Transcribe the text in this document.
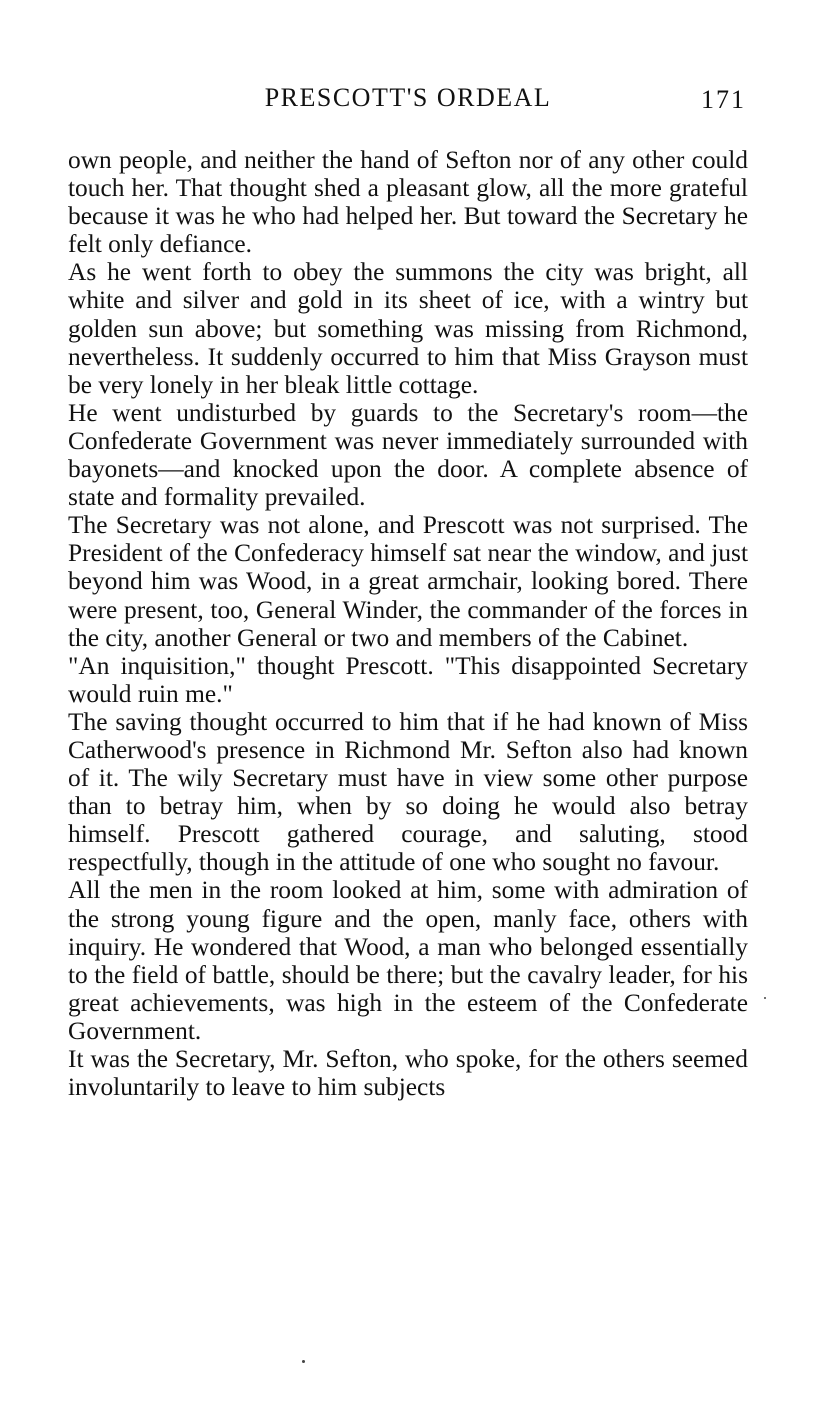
PRESCOTT'S ORDEAL	171

own people, and neither the hand of Sefton nor of any other could touch her. That thought shed a pleasant glow, all the more grateful because it was he who had helped her. But toward the Secretary he felt only defiance.

As he went forth to obey the summons the city was bright, all white and silver and gold in its sheet of ice, with a wintry but golden sun above; but something was missing from Richmond, nevertheless. It suddenly occurred to him that Miss Grayson must be very lonely in her bleak little cottage.

He went undisturbed by guards to the Secretary's room—the Confederate Government was never immediately surrounded with bayonets—and knocked upon the door. A complete absence of state and formality prevailed.

The Secretary was not alone, and Prescott was not surprised. The President of the Confederacy himself sat near the window, and just beyond him was Wood, in a great armchair, looking bored. There were present, too, General Winder, the commander of the forces in the city, another General or two and members of the Cabinet.

"An inquisition," thought Prescott. "This disappointed Secretary would ruin me."

The saving thought occurred to him that if he had known of Miss Catherwood's presence in Richmond Mr. Sefton also had known of it. The wily Secretary must have in view some other purpose than to betray him, when by so doing he would also betray himself. Prescott gathered courage, and saluting, stood respectfully, though in the attitude of one who sought no favour.

All the men in the room looked at him, some with admiration of the strong young figure and the open, manly face, others with inquiry. He wondered that Wood, a man who belonged essentially to the field of battle, should be there; but the cavalry leader, for his great achievements, was high in the esteem of the Confederate Government.

It was the Secretary, Mr. Sefton, who spoke, for the others seemed involuntarily to leave to him subjects
